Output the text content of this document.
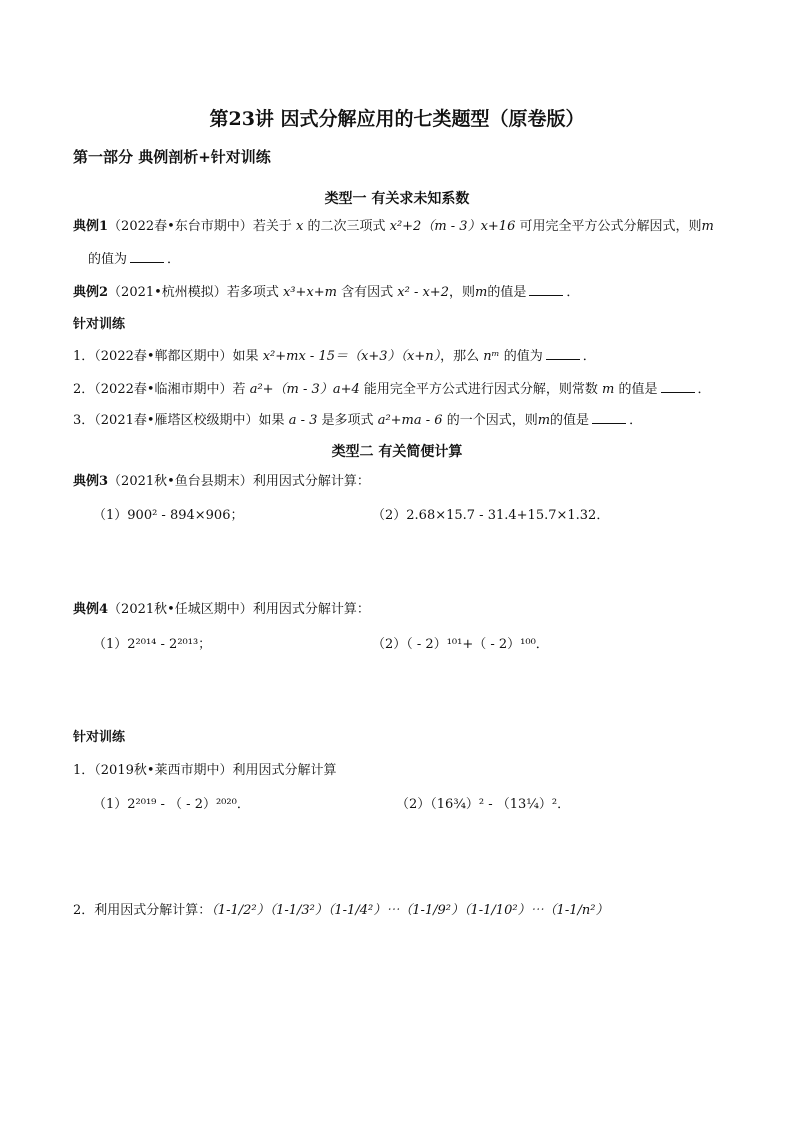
第23讲 因式分解应用的七类题型（原卷版）
第一部分 典例剖析+针对训练
类型一 有关求未知系数
典例1（2022春•东台市期中）若关于 x 的二次三项式 x²+2（m - 3）x+16 可用完全平方公式分解因式，则m
的值为	．
典例2（2021•杭州模拟）若多项式 x³+x+m 含有因式 x² - x+2，则m的值是	．
针对训练
1．（2022春•郸都区期中）如果 x²+mx - 15＝（x+3）（x+n），那么 nᵐ 的值为	．
2．（2022春•临湘市期中）若 a²+（m - 3）a+4 能用完全平方公式进行因式分解，则常数 m 的值是	．
3．（2021春•雁塔区校级期中）如果 a - 3 是多项式 a²+ma - 6 的一个因式，则m的值是	．
类型二 有关简便计算
典例3（2021秋•鱼台县期末）利用因式分解计算：
（1）900² - 894×906；	（2）2.68×15.7 - 31.4+15.7×1.32．
典例4（2021秋•任城区期中）利用因式分解计算：
（1）2²⁰¹⁴ - 2²⁰¹³；	（2）（ - 2）¹⁰¹+（ - 2）¹⁰⁰．
针对训练
1．（2019秋•莱西市期中）利用因式分解计算
（1）2²⁰¹⁹ - （ - 2）²⁰²⁰．	（2）（16¾）² - （13¼）²．
2．利用因式分解计算：（1-1/2²）（1-1/3²）（1-1/4²）⋯（1-1/9²）（1-1/10²）⋯（1-1/n²）
